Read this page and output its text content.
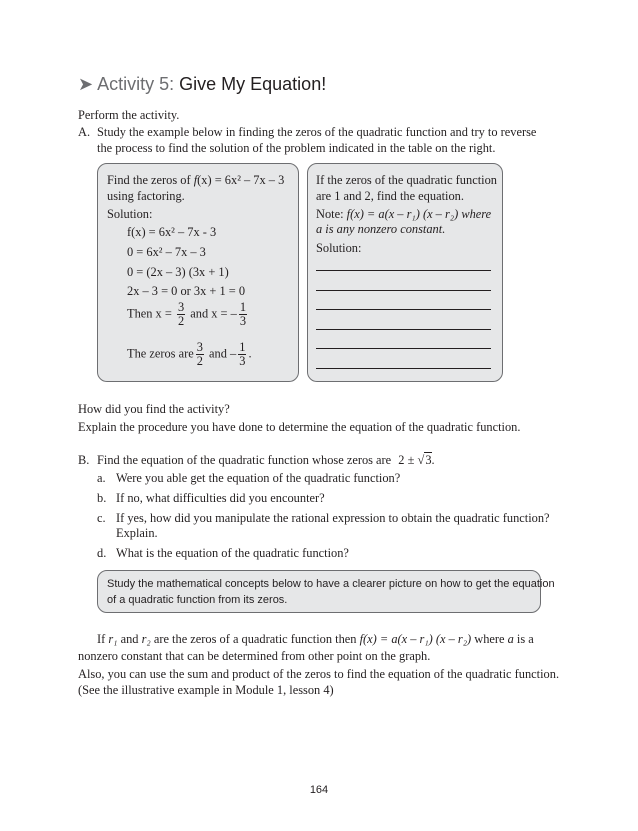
➤ Activity 5: Give My Equation!
Perform the activity.
A. Study the example below in finding the zeros of the quadratic function and try to reverse
the process to find the solution of the problem indicated in the table on the right.
Find the zeros of f(x) = 6x² – 7x – 3
using factoring.
Solution:
f(x) = 6x² – 7x - 3
0 = 6x² – 7x – 3
0 = (2x – 3) (3x + 1)
2x – 3 = 0 or 3x + 1 = 0
Then $x = \frac{3}{2}$ and x = – $\frac{1}{3}$
The zeros are $\frac{3}{2}$ and – $\frac{1}{3}$ .
If the zeros of the quadratic function
are 1 and 2, find the equation.
Note: f(x) = a(x – r₁) (x – r₂) where
a is any nonzero constant.
Solution:
How did you find the activity?
Explain the procedure you have done to determine the equation of the quadratic function.
B. Find the equation of the quadratic function whose zeros are 2 ± √3.
a. Were you able get the equation of the quadratic function?
b. If no, what difficulties did you encounter?
c. If yes, how did you manipulate the rational expression to obtain the quadratic function?
Explain.
d. What is the equation of the quadratic function?
Study the mathematical concepts below to have a clearer picture on how to get the equation
of a quadratic function from its zeros.
If r₁ and r₂ are the zeros of a quadratic function then f(x) = a(x – r₁) (x – r₂) where a is a
nonzero constant that can be determined from other point on the graph.
Also, you can use the sum and product of the zeros to find the equation of the quadratic function.
(See the illustrative example in Module 1, lesson 4)
164
